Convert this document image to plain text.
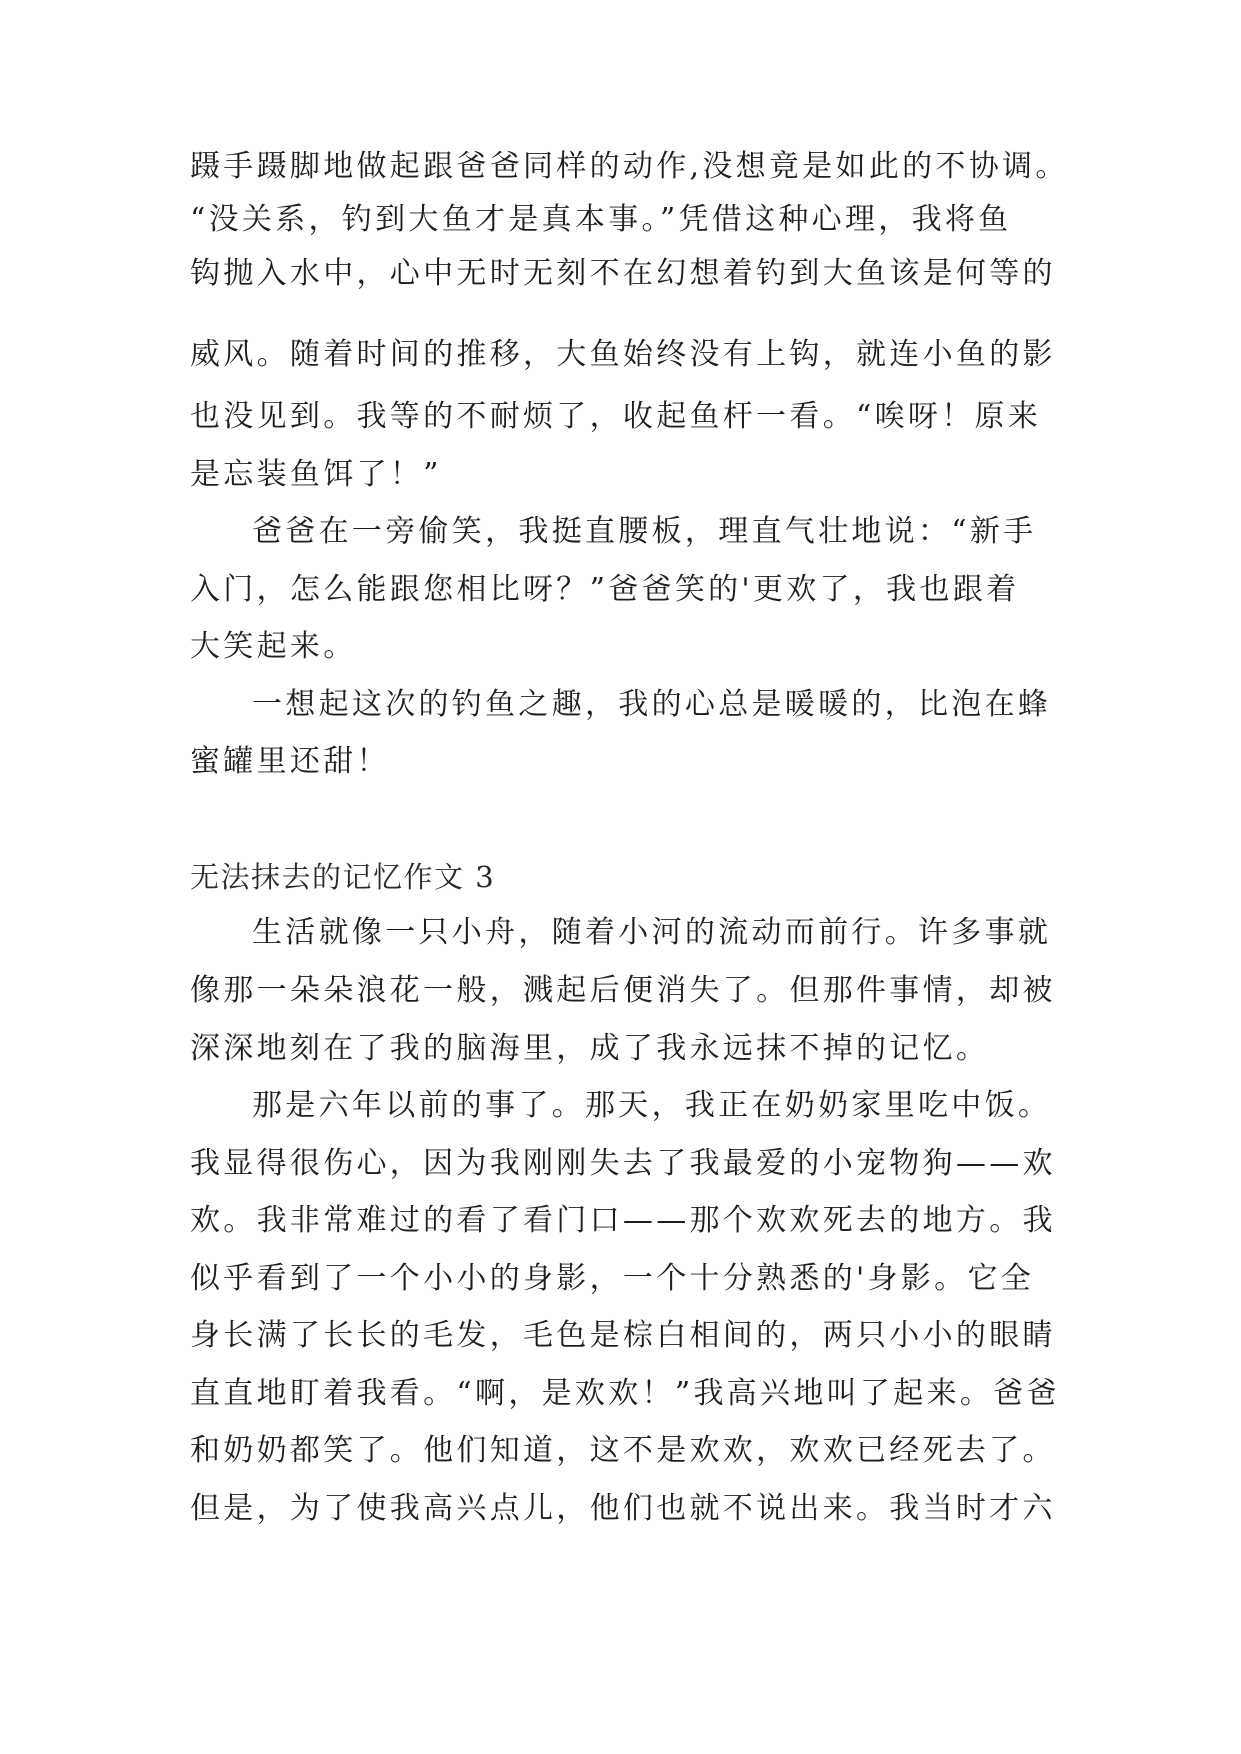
蹑手蹑脚地做起跟爸爸同样的动作,没想竟是如此的不协调。
“没关系，钓到大鱼才是真本事。”凭借这种心理，我将鱼
钩抛入水中，心中无时无刻不在幻想着钓到大鱼该是何等的
威风。随着时间的推移，大鱼始终没有上钩，就连小鱼的影
也没见到。我等的不耐烦了，收起鱼杆一看。“唉呀！原来
是忘装鱼饵了！”
爸爸在一旁偷笑，我挺直腰板，理直气壮地说：“新手
入门，怎么能跟您相比呀？”爸爸笑的'更欢了，我也跟着
大笑起来。
一想起这次的钓鱼之趣，我的心总是暖暖的，比泡在蜂
蜜罐里还甜！
无法抹去的记忆作文 3
生活就像一只小舟，随着小河的流动而前行。许多事就
像那一朵朵浪花一般，溅起后便消失了。但那件事情，却被
深深地刻在了我的脑海里，成了我永远抹不掉的记忆。
那是六年以前的事了。那天，我正在奶奶家里吃中饭。
我显得很伤心，因为我刚刚失去了我最爱的小宠物狗——欢
欢。我非常难过的看了看门口——那个欢欢死去的地方。我
似乎看到了一个小小的身影，一个十分熟悉的'身影。它全
身长满了长长的毛发，毛色是棕白相间的，两只小小的眼睛
直直地盯着我看。“啊，是欢欢！”我高兴地叫了起来。爸爸
和奶奶都笑了。他们知道，这不是欢欢，欢欢已经死去了。
但是，为了使我高兴点儿，他们也就不说出来。我当时才六
